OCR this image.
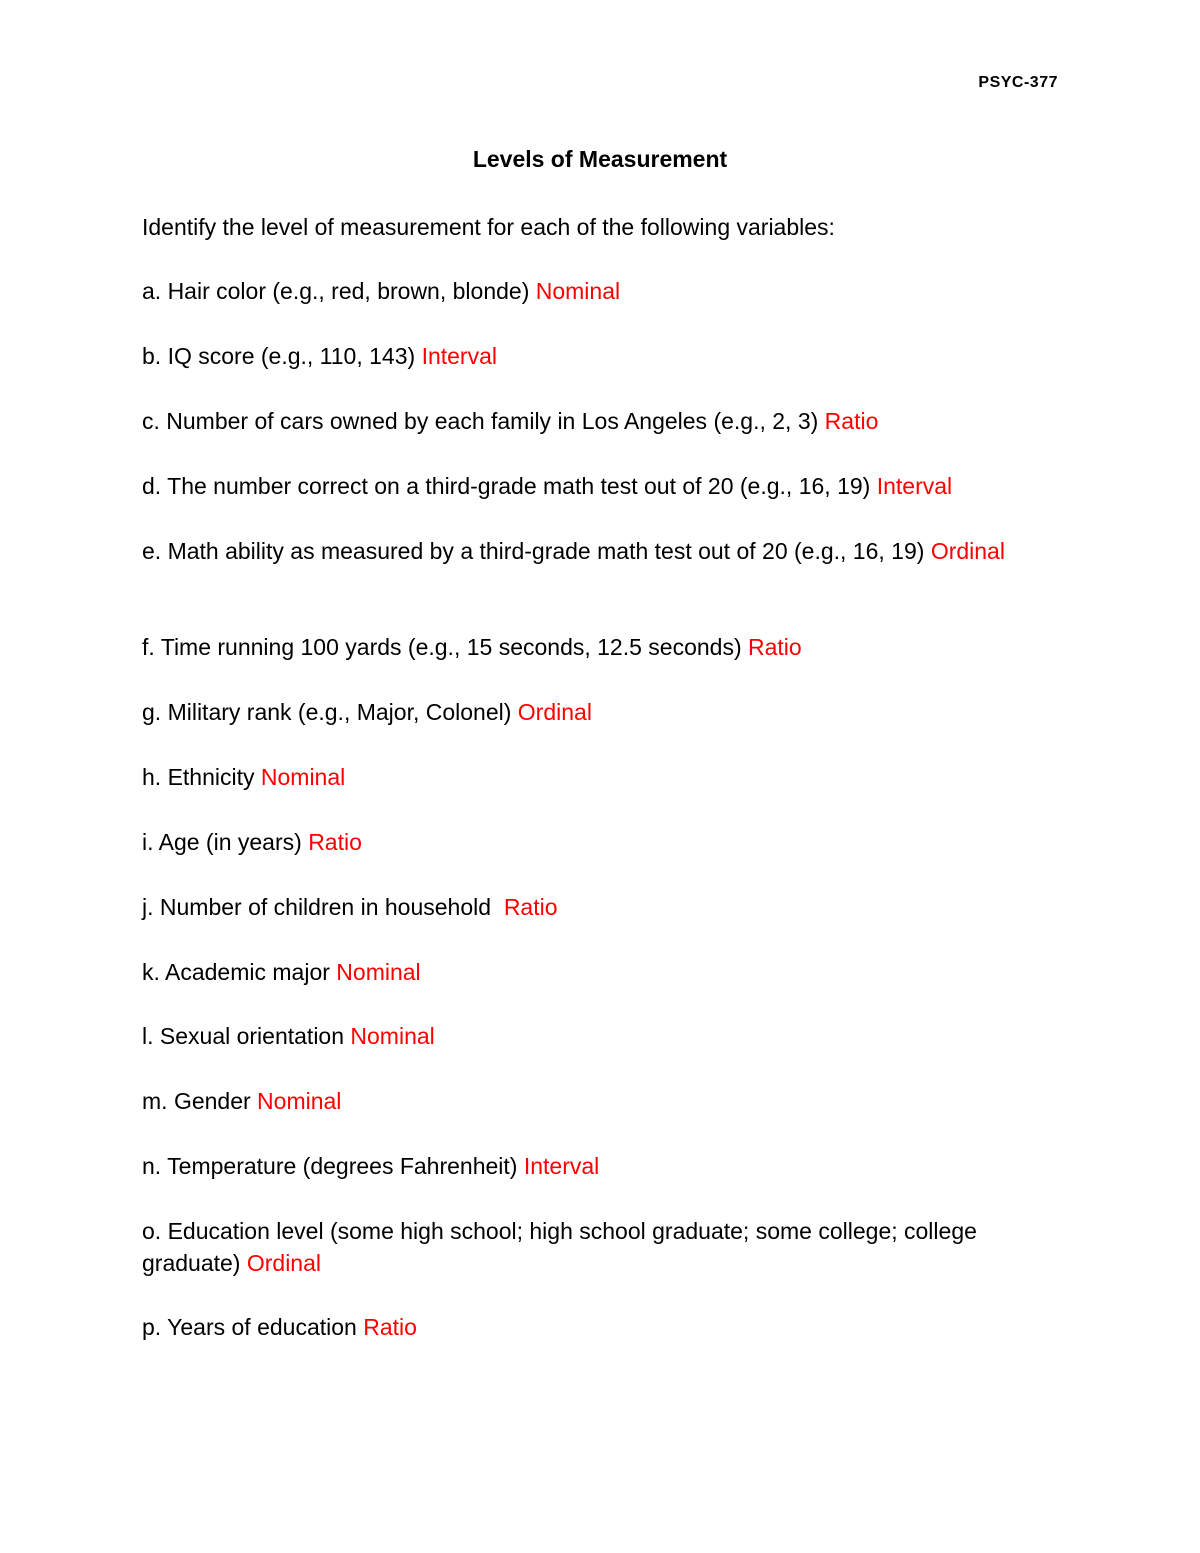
PSYC-377
Levels of Measurement
Identify the level of measurement for each of the following variables:
a. Hair color (e.g., red, brown, blonde) Nominal
b. IQ score (e.g., 110, 143) Interval
c. Number of cars owned by each family in Los Angeles (e.g., 2, 3) Ratio
d. The number correct on a third-grade math test out of 20 (e.g., 16, 19) Interval
e. Math ability as measured by a third-grade math test out of 20 (e.g., 16, 19) Ordinal
f. Time running 100 yards (e.g., 15 seconds, 12.5 seconds) Ratio
g. Military rank (e.g., Major, Colonel) Ordinal
h. Ethnicity Nominal
i. Age (in years) Ratio
j. Number of children in household  Ratio
k. Academic major Nominal
l. Sexual orientation Nominal
m. Gender Nominal
n. Temperature (degrees Fahrenheit) Interval
o. Education level (some high school; high school graduate; some college; college graduate) Ordinal
p. Years of education Ratio
